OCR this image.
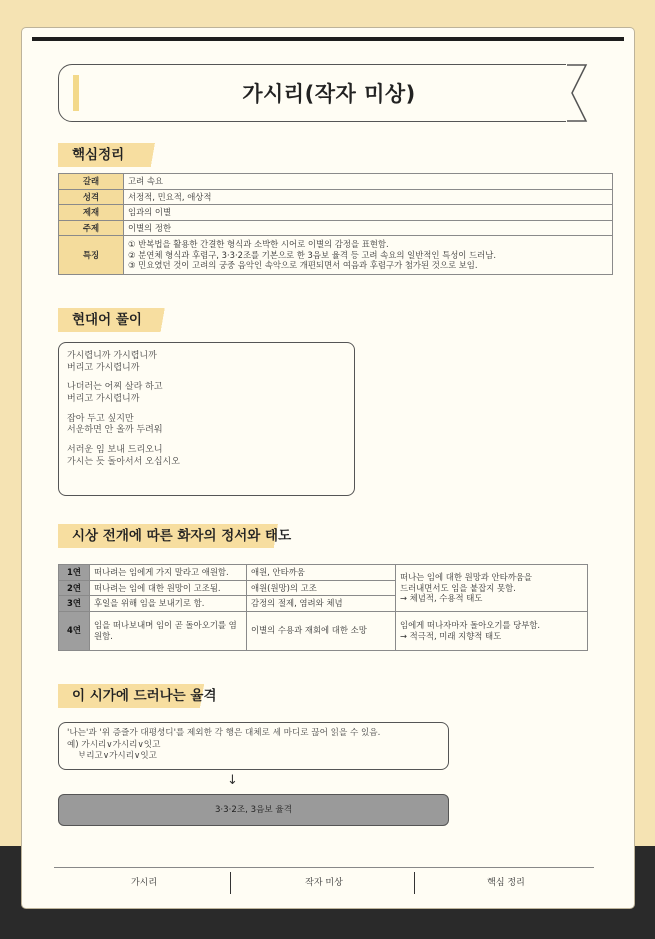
가시리(작자 미상)
핵심정리
갈래	고려 속요
성격	서정적, 민요적, 애상적
제재	임과의 이별
주제	이별의 정한
특징	① 반복법을 활용한 간결한 형식과 소박한 시어로 이별의 감정을 표현함.
② 분연체 형식과 후렴구, 3·3·2조를 기본으로 한 3음보 율격 등 고려 속요의 일반적인 특성이 드러남.
③ 민요였던 것이 고려의 궁중 음악인 속악으로 개편되면서 여음과 후렴구가 첨가된 것으로 보임.
현대어 풀이
가시렵니까 가시렵니까
버리고 가시렵니까
나더러는 어찌 살라 하고
버리고 가시렵니까
잡아 두고 싶지만
서운하면 안 올까 두려워
서러운 임 보내 드리오니
가시는 듯 돌아서서 오십시오
시상 전개에 따른 화자의 정서와 태도
1연	떠나려는 임에게 가지 말라고 애원함.	애원, 안타까움	떠나는 임에 대한 원망과 안타까움을
드러내면서도 임을 붙잡지 못함.
→ 체념적, 수용적 태도

2연	떠나려는 임에 대한 원망이 고조됨.	애원(원망)의 고조	
3연	후일을 위해 임을 보내기로 함.	감정의 절제, 염려와 체념	
4연	임을 떠나보내며 임이 곧 돌아오기를 염원함.	이별의 수용과 재회에 대한 소망	임에게 떠나자마자 돌아오기를 당부함.
→ 적극적, 미래 지향적 태도
이 시가에 드러나는 율격
'나는'과 '위 증즐가 대평셩디'를 제외한 각 행은 대체로 세 마디로 끊어 읽을 수 있음.
예) 가시리∨가시리∨잇고
ᄇᆞ리고∨가시리∨잇고
↓
3·3·2조, 3음보 율격
가시리	작자 미상	핵심 정리
